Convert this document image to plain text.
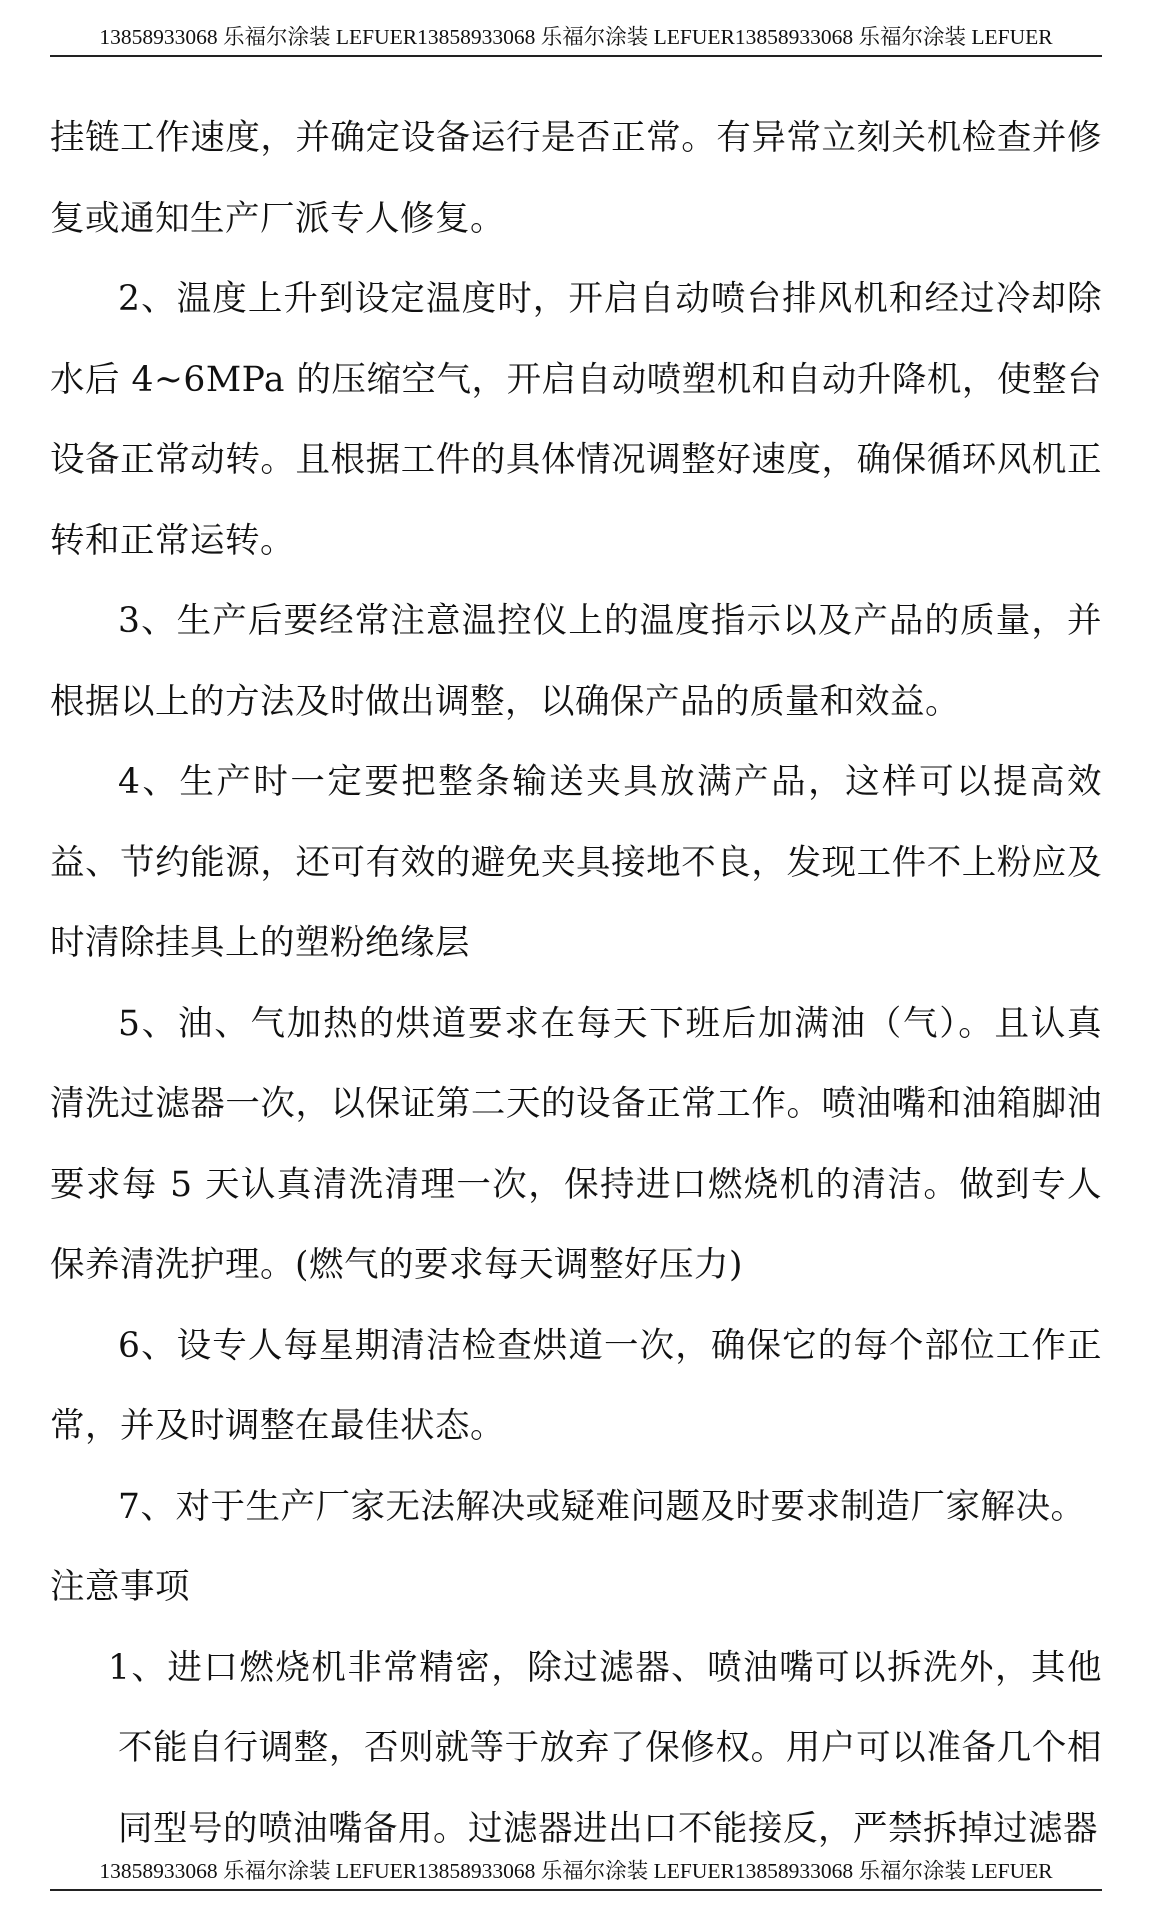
13858933068 乐福尔涂装 LEFUER13858933068 乐福尔涂装 LEFUER13858933068 乐福尔涂装 LEFUER

挂链工作速度，并确定设备运行是否正常。有异常立刻关机检查并修复或通知生产厂派专人修复。

2、温度上升到设定温度时，开启自动喷台排风机和经过冷却除水后 4~6MPa 的压缩空气，开启自动喷塑机和自动升降机，使整台设备正常动转。且根据工件的具体情况调整好速度，确保循环风机正转和正常运转。

3、生产后要经常注意温控仪上的温度指示以及产品的质量，并根据以上的方法及时做出调整，以确保产品的质量和效益。

4、生产时一定要把整条输送夹具放满产品，这样可以提高效益、节约能源，还可有效的避免夹具接地不良，发现工件不上粉应及时清除挂具上的塑粉绝缘层

5、油、气加热的烘道要求在每天下班后加满油（气）。且认真清洗过滤器一次，以保证第二天的设备正常工作。喷油嘴和油箱脚油要求每 5 天认真清洗清理一次，保持进口燃烧机的清洁。做到专人保养清洗护理。(燃气的要求每天调整好压力)

6、设专人每星期清洁检查烘道一次，确保它的每个部位工作正常，并及时调整在最佳状态。

7、对于生产厂家无法解决或疑难问题及时要求制造厂家解决。

注意事项

1、进口燃烧机非常精密，除过滤器、喷油嘴可以拆洗外，其他不能自行调整，否则就等于放弃了保修权。用户可以准备几个相同型号的喷油嘴备用。过滤器进出口不能接反，严禁拆掉过滤器

13858933068 乐福尔涂装 LEFUER13858933068 乐福尔涂装 LEFUER13858933068 乐福尔涂装 LEFUER
